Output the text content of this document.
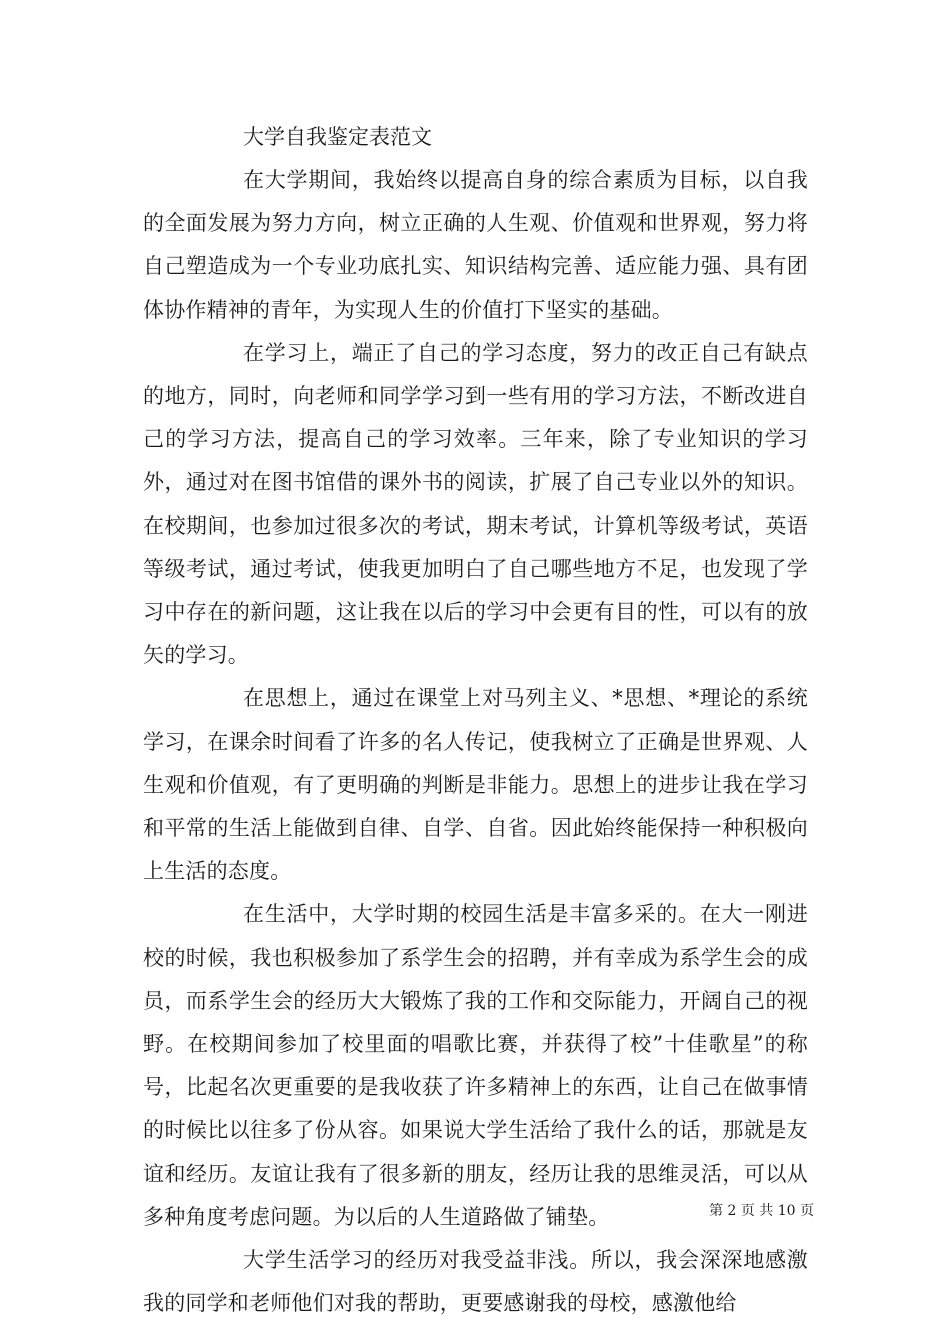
大学自我鉴定表范文

在大学期间，我始终以提高自身的综合素质为目标，以自我的全面发展为努力方向，树立正确的人生观、价值观和世界观，努力将自己塑造成为一个专业功底扎实、知识结构完善、适应能力强、具有团体协作精神的青年，为实现人生的价值打下坚实的基础。

在学习上，端正了自己的学习态度，努力的改正自己有缺点的地方，同时，向老师和同学学习到一些有用的学习方法，不断改进自己的学习方法，提高自己的学习效率。三年来，除了专业知识的学习外，通过对在图书馆借的课外书的阅读，扩展了自己专业以外的知识。在校期间，也参加过很多次的考试，期末考试，计算机等级考试，英语等级考试，通过考试，使我更加明白了自己哪些地方不足，也发现了学习中存在的新问题，这让我在以后的学习中会更有目的性，可以有的放矢的学习。

在思想上，通过在课堂上对马列主义、*思想、*理论的系统学习，在课余时间看了许多的名人传记，使我树立了正确是世界观、人生观和价值观，有了更明确的判断是非能力。思想上的进步让我在学习和平常的生活上能做到自律、自学、自省。因此始终能保持一种积极向上生活的态度。

在生活中，大学时期的校园生活是丰富多采的。在大一刚进校的时候，我也积极参加了系学生会的招聘，并有幸成为系学生会的成员，而系学生会的经历大大锻炼了我的工作和交际能力，开阔自己的视野。在校期间参加了校里面的唱歌比赛，并获得了校”十佳歌星”的称号，比起名次更重要的是我收获了许多精神上的东西，让自己在做事情的时候比以往多了份从容。如果说大学生活给了我什么的话，那就是友谊和经历。友谊让我有了很多新的朋友，经历让我的思维灵活，可以从多种角度考虑问题。为以后的人生道路做了铺垫。

大学生活学习的经历对我受益非浅。所以，我会深深地感激我的同学和老师他们对我的帮助，更要感谢我的母校，感激他给

第 2 页 共 10 页
